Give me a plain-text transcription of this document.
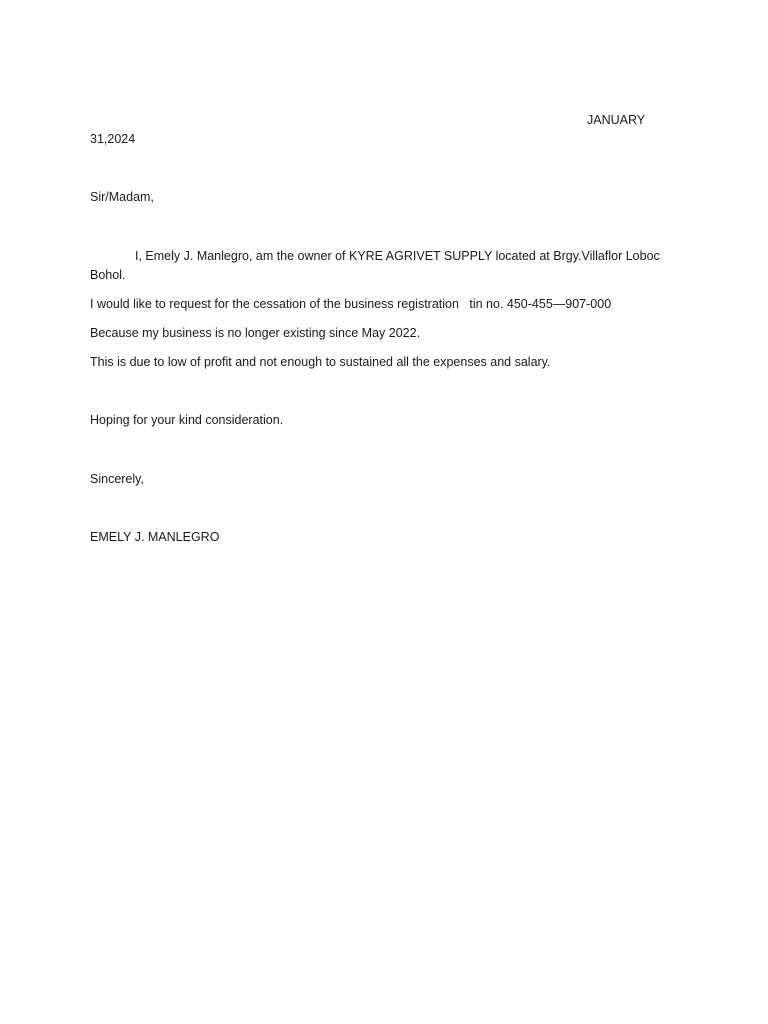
JANUARY
31,2024
Sir/Madam,
I, Emely J. Manlegro, am the owner of KYRE AGRIVET SUPPLY located at Brgy.Villaflor Loboc
Bohol.
I would like to request for the cessation of the business registration   tin no. 450-455—907-000
Because my business is no longer existing since May 2022.
This is due to low of profit and not enough to sustained all the expenses and salary.
Hoping for your kind consideration.
Sincerely,
EMELY J. MANLEGRO
